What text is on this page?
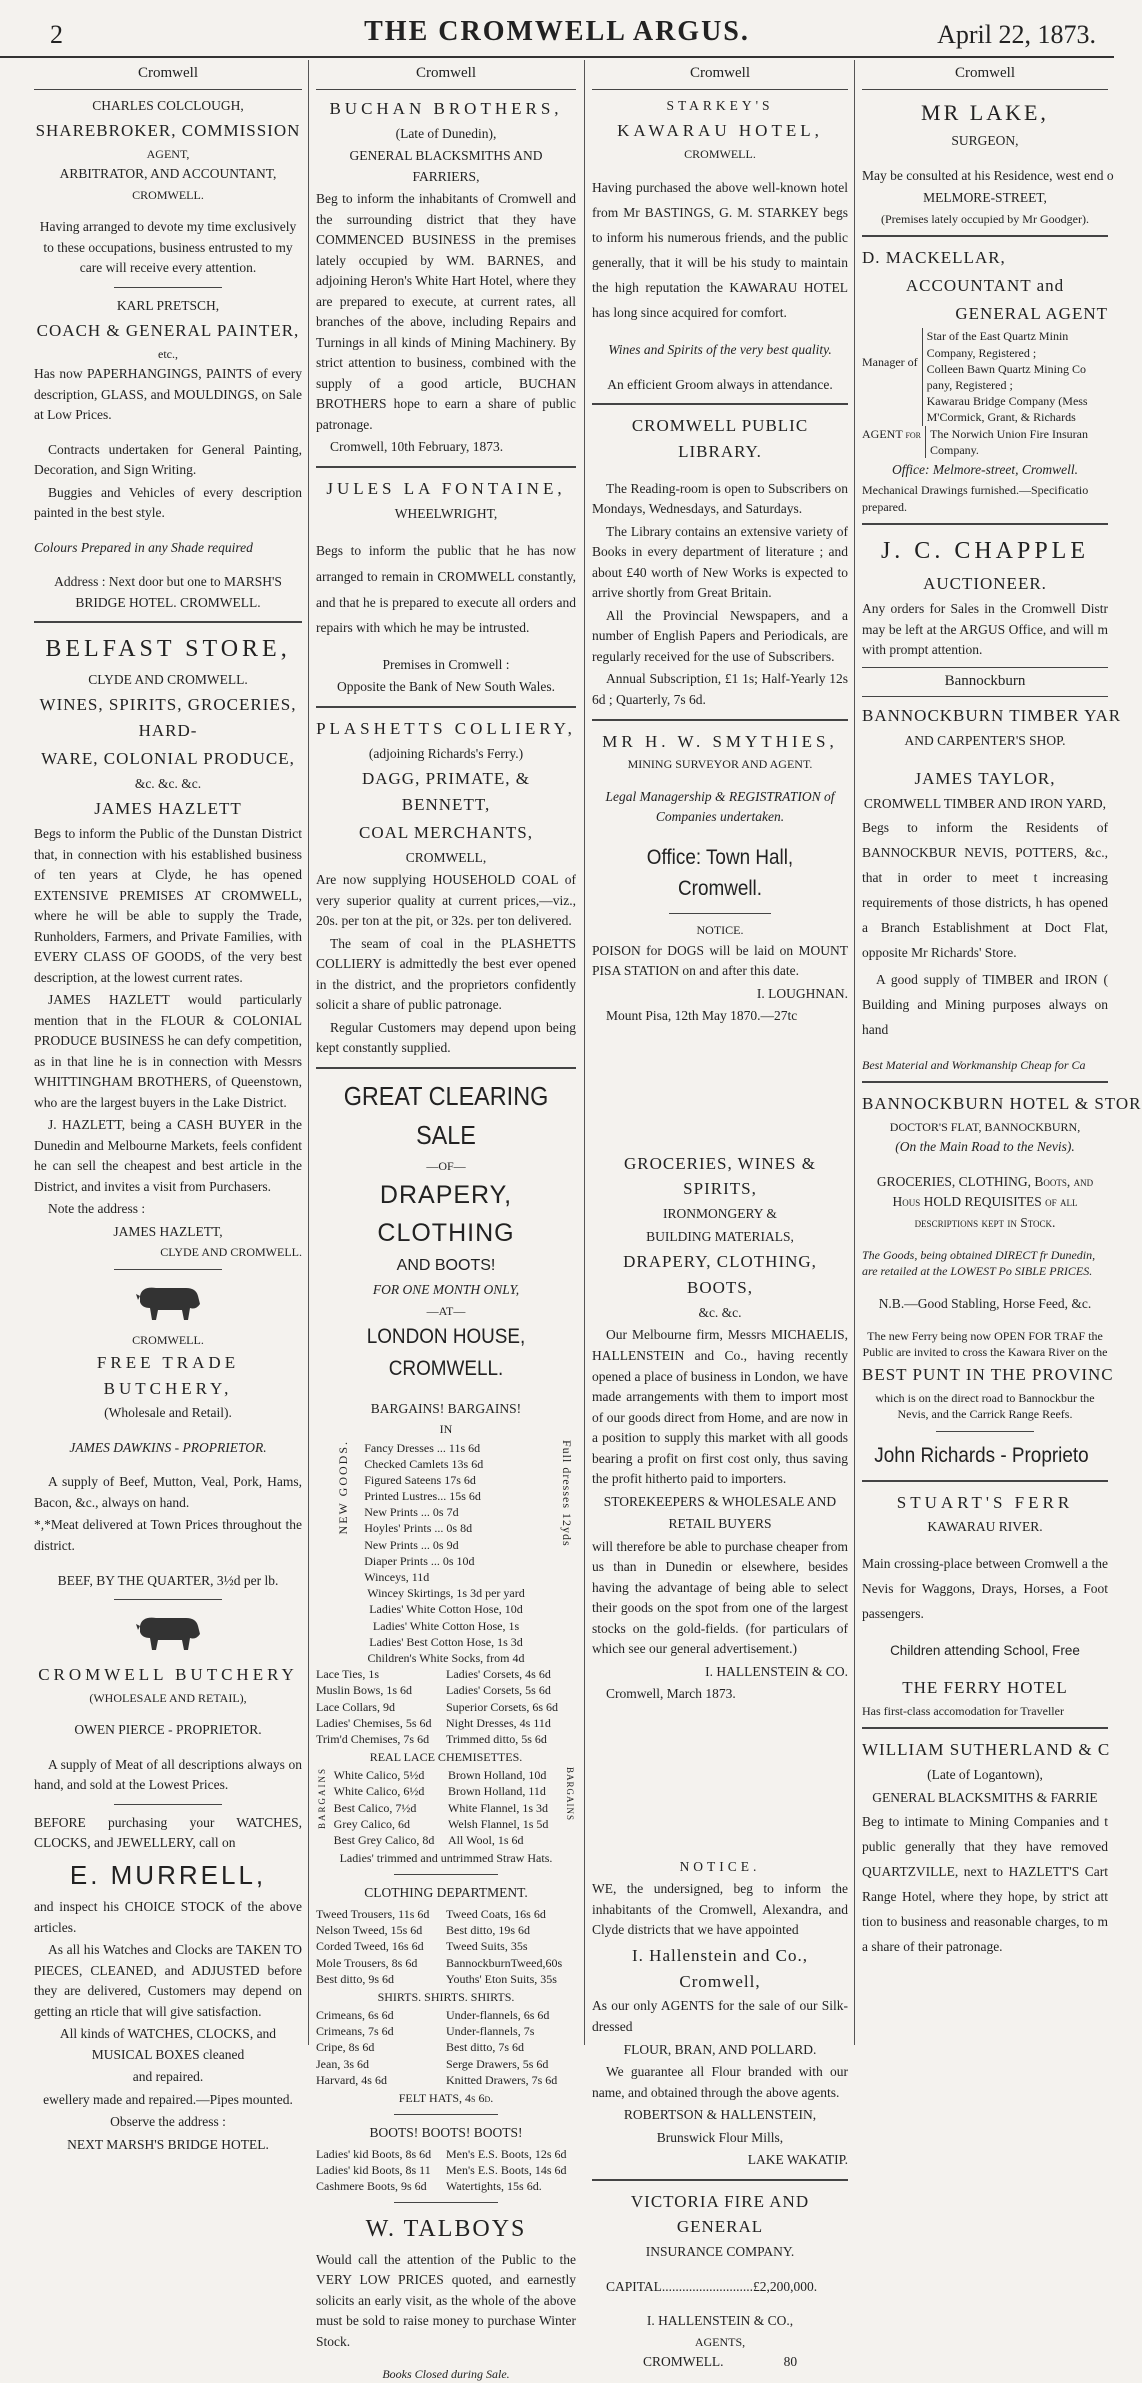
2	THE CROMWELL ARGUS.	April 22, 1873.
Cromwell

CHARLES COLCLOUGH,

SHAREBROKER, COMMISSION

AGENT,

ARBITRATOR, AND ACCOUNTANT,

CROMWELL.

Having arranged to devote my time exclusively to these occupations, business entrusted to my care will receive every attention.

KARL PRETSCH,

COACH & GENERAL PAINTER,

etc.,

Has now PAPERHANGINGS, PAINTS of every description, GLASS, and MOULDINGS, on Sale at Low Prices.

Contracts undertaken for General Painting, Decoration, and Sign Writing.

Buggies and Vehicles of every description painted in the best style.

Colours Prepared in any Shade required

Address : Next door but one to MARSH'S BRIDGE HOTEL. CROMWELL.

BELFAST STORE,

CLYDE AND CROMWELL.

WINES, SPIRITS, GROCERIES, HARD-

WARE, COLONIAL PRODUCE,

&c. &c. &c.

JAMES HAZLETT

Begs to inform the Public of the Dunstan District that, in connection with his established business of ten years at Clyde, he has opened EXTENSIVE PREMISES AT CROMWELL, where he will be able to supply the Trade, Runholders, Farmers, and Private Families, with EVERY CLASS OF GOODS, of the very best description, at the lowest current rates.

JAMES HAZLETT would particularly mention that in the FLOUR & COLONIAL PRODUCE BUSINESS he can defy competition, as in that line he is in connection with Messrs WHITTINGHAM BROTHERS, of Queenstown, who are the largest buyers in the Lake District.

J. HAZLETT, being a CASH BUYER in the Dunedin and Melbourne Markets, feels confident he can sell the cheapest and best article in the District, and invites a visit from Purchasers.

Note the address :

JAMES HAZLETT,

CLYDE AND CROMWELL.

CROMWELL.

FREE TRADE BUTCHERY,

(Wholesale and Retail).

JAMES DAWKINS - PROPRIETOR.

A supply of Beef, Mutton, Veal, Pork, Hams, Bacon, &c., always on hand.

*,*Meat delivered at Town Prices throughout the district.

BEEF, BY THE QUARTER, 3½d per lb.

CROMWELL BUTCHERY

(WHOLESALE AND RETAIL),

OWEN PIERCE - PROPRIETOR.

A supply of Meat of all descriptions always on hand, and sold at the Lowest Prices.

BEFORE purchasing your WATCHES, CLOCKS, and JEWELLERY, call on

E. MURRELL,

and inspect his CHOICE STOCK of the above articles.

As all his Watches and Clocks are TAKEN TO PIECES, CLEANED, and ADJUSTED before they are delivered, Customers may depend on getting an rticle that will give satisfaction.

All kinds of WATCHES, CLOCKS, and MUSICAL BOXES cleaned

and repaired.

ewellery made and repaired.—Pipes mounted.

Observe the address :

NEXT MARSH'S BRIDGE HOTEL.

Cromwell

BUCHAN BROTHERS,

(Late of Dunedin),

GENERAL BLACKSMITHS AND FARRIERS,

Beg to inform the inhabitants of Cromwell and the surrounding district that they have COMMENCED BUSINESS in the premises lately occupied by WM. BARNES, and adjoining Heron's White Hart Hotel, where they are prepared to execute, at current rates, all branches of the above, including Repairs and Turnings in all kinds of Mining Machinery. By strict attention to business, combined with the supply of a good article, BUCHAN BROTHERS hope to earn a share of public patronage.

Cromwell, 10th February, 1873.

JULES LA FONTAINE,

WHEELWRIGHT,

Begs to inform the public that he has now arranged to remain in CROMWELL constantly, and that he is prepared to execute all orders and repairs with which he may be intrusted.

Premises in Cromwell :

Opposite the Bank of New South Wales.

PLASHETTS COLLIERY,

(adjoining Richards's Ferry.)

DAGG, PRIMATE, & BENNETT,

COAL MERCHANTS,

CROMWELL,

Are now supplying HOUSEHOLD COAL of very superior quality at current prices,—viz., 20s. per ton at the pit, or 32s. per ton delivered.

The seam of coal in the PLASHETTS COLLIERY is admittedly the best ever opened in the district, and the proprietors confidently solicit a share of public patronage.

Regular Customers may depend upon being kept constantly supplied.

GREAT CLEARING SALE

—OF—

DRAPERY, CLOTHING

AND BOOTS!

FOR ONE MONTH ONLY,

—AT—

LONDON HOUSE, CROMWELL.

BARGAINS! BARGAINS!

IN

NEW GOODS. Fancy Dresses ... 11s 6d
Checked Camlets 13s 6d
Figured Sateens 17s 6d
Printed Lustres... 15s 6d
New Prints ... 0s 7d
Hoyles' Prints ... 0s 8d
New Prints ... 0s 9d
Diaper Prints ... 0s 10d
Winceys, 11d
Full dresses 12yds
Wincey Skirtings, 1s 3d per yard
Ladies' White Cotton Hose, 10d
Ladies' White Cotton Hose, 1s
Ladies' Best Cotton Hose, 1s 3d
Children's White Socks, from 4d
Lace Ties, 1s	Ladies' Corsets, 4s 6d
Muslin Bows, 1s 6d	Ladies' Corsets, 5s 6d
Lace Collars, 9d	Superior Corsets, 6s 6d
Ladies' Chemises, 5s 6d	Night Dresses, 4s 11d
Trim'd Chemises, 7s 6d	Trimmed ditto, 5s 6d

REAL LACE CHEMISETTES.

BARGAINS White Calico, 5½d	Brown Holland, 10d
White Calico, 6½d	Brown Holland, 11d
Best Calico, 7½d	White Flannel, 1s 3d
Grey Calico, 6d	Welsh Flannel, 1s 5d
Best Grey Calico, 8d	All Wool, 1s 6d
BARGAINS

Ladies' trimmed and untrimmed Straw Hats.

CLOTHING DEPARTMENT.

Tweed Trousers, 11s 6d	Tweed Coats, 16s 6d
Nelson Tweed, 15s 6d	Best ditto, 19s 6d
Corded Tweed, 16s 6d	Tweed Suits, 35s
Mole Trousers, 8s 6d	BannockburnTweed,60s
Best ditto, 9s 6d	Youths' Eton Suits, 35s

SHIRTS. SHIRTS. SHIRTS.

Crimeans, 6s 6d	Under-flannels, 6s 6d
Crimeans, 7s 6d	Under-flannels, 7s
Cripe, 8s 6d	Best ditto, 7s 6d
Jean, 3s 6d	Serge Drawers, 5s 6d
Harvard, 4s 6d	Knitted Drawers, 7s 6d

FELT HATS, 4s 6d.

BOOTS! BOOTS! BOOTS!

Ladies' kid Boots, 8s 6d	Men's E.S. Boots, 12s 6d
Ladies' kid Boots, 8s 11	Men's E.S. Boots, 14s 6d
Cashmere Boots, 9s 6d	Watertights, 15s 6d.

W. TALBOYS

Would call the attention of the Public to the VERY LOW PRICES quoted, and earnestly solicits an early visit, as the whole of the above must be sold to raise money to purchase Winter Stock.

Books Closed during Sale.

Cromwell

STARKEY'S

KAWARAU HOTEL,

CROMWELL.

Having purchased the above well-known hotel from Mr BASTINGS, G. M. STARKEY begs to inform his numerous friends, and the public generally, that it will be his study to maintain the high reputation the KAWARAU HOTEL has long since acquired for comfort.

Wines and Spirits of the very best quality.

An efficient Groom always in attendance.

CROMWELL PUBLIC LIBRARY.

The Reading-room is open to Subscribers on Mondays, Wednesdays, and Saturdays.

The Library contains an extensive variety of Books in every department of literature ; and about £40 worth of New Works is expected to arrive shortly from Great Britain.

All the Provincial Newspapers, and a number of English Papers and Periodicals, are regularly received for the use of Subscribers.

Annual Subscription, £1 1s; Half-Yearly 12s 6d ; Quarterly, 7s 6d.

MR H. W. SMYTHIES,

MINING SURVEYOR AND AGENT.

Legal Managership & REGISTRATION of Companies undertaken.

Office: Town Hall, Cromwell.

NOTICE.

POISON for DOGS will be laid on MOUNT PISA STATION on and after this date.

I. LOUGHNAN.

Mount Pisa, 12th May 1870.—27tc

GROCERIES, WINES & SPIRITS,

IRONMONGERY &

BUILDING MATERIALS,

DRAPERY, CLOTHING, BOOTS,

&c. &c.

Our Melbourne firm, Messrs MICHAELIS, HALLENSTEIN and Co., having recently opened a place of business in London, we have made arrangements with them to import most of our goods direct from Home, and are now in a position to supply this market with all goods bearing a profit on first cost only, thus saving the profit hitherto paid to importers.

STOREKEEPERS & WHOLESALE AND

RETAIL BUYERS

will therefore be able to purchase cheaper from us than in Dunedin or elsewhere, besides having the advantage of being able to select their goods on the spot from one of the largest stocks on the gold-fields. (for particulars of which see our general advertisement.)

I. HALLENSTEIN & CO.

Cromwell, March 1873.

NOTICE.

WE, the undersigned, beg to inform the inhabitants of the Cromwell, Alexandra, and Clyde districts that we have appointed

I. Hallenstein and Co., Cromwell,

As our only AGENTS for the sale of our Silk-dressed

FLOUR, BRAN, AND POLLARD.

We guarantee all Flour branded with our name, and obtained through the above agents.

ROBERTSON & HALLENSTEIN,

Brunswick Flour Mills,

LAKE WAKATIP.

VICTORIA FIRE AND GENERAL

INSURANCE COMPANY.

CAPITAL...........................£2,200,000.

I. HALLENSTEIN & CO.,

AGENTS,

CROMWELL.	80

Cromwell

MR LAKE,

SURGEON,

May be consulted at his Residence, west end o

MELMORE-STREET,

(Premises lately occupied by Mr Goodger).

D. MACKELLAR,

ACCOUNTANT and

GENERAL AGENT

Manager of
Star of the East Quartz Minin
Company, Registered ;
Colleen Bawn Quartz Mining Co
pany, Registered ;
Kawarau Bridge Company (Mess
M'Cormick, Grant, & Richards
AGENT for The Norwich Union Fire Insuran Company.

Office: Melmore-street, Cromwell.

Mechanical Drawings furnished.—Specificatio prepared.

J. C. CHAPPLE

AUCTIONEER.

Any orders for Sales in the Cromwell Distr may be left at the ARGUS Office, and will m with prompt attention.

Bannockburn

BANNOCKBURN TIMBER YAR

AND CARPENTER'S SHOP.

JAMES TAYLOR,

CROMWELL TIMBER AND IRON YARD,

Begs to inform the Residents of BANNOCKBUR NEVIS, POTTERS, &c., that in order to meet t increasing requirements of those districts, h has opened a Branch Establishment at Doct Flat, opposite Mr Richards' Store.

A good supply of TIMBER and IRON ( Building and Mining purposes always on hand

Best Material and Workmanship Cheap for Ca

BANNOCKBURN HOTEL & STOR

DOCTOR'S FLAT, BANNOCKBURN,

(On the Main Road to the Nevis).

GROCERIES, CLOTHING, Boots, and Hous HOLD REQUISITES of all descriptions kept in Stock.

The Goods, being obtained DIRECT fr Dunedin, are retailed at the LOWEST Po SIBLE PRICES.

N.B.—Good Stabling, Horse Feed, &c.

The new Ferry being now OPEN FOR TRAF the Public are invited to cross the Kawara River on the

BEST PUNT IN THE PROVINC

which is on the direct road to Bannockbur the Nevis, and the Carrick Range Reefs.

John Richards - Proprieto

STUART'S FERR

KAWARAU RIVER.

Main crossing-place between Cromwell a the Nevis for Waggons, Drays, Horses, a Foot passengers.

Children attending School, Free

THE FERRY HOTEL

Has first-class accomodation for Traveller

WILLIAM SUTHERLAND & C

(Late of Logantown),

GENERAL BLACKSMITHS & FARRIE

Beg to intimate to Mining Companies and t public generally that they have removed QUARTZVILLE, next to HAZLETT'S Cart Range Hotel, where they hope, by strict att tion to business and reasonable charges, to m a share of their patronage.
